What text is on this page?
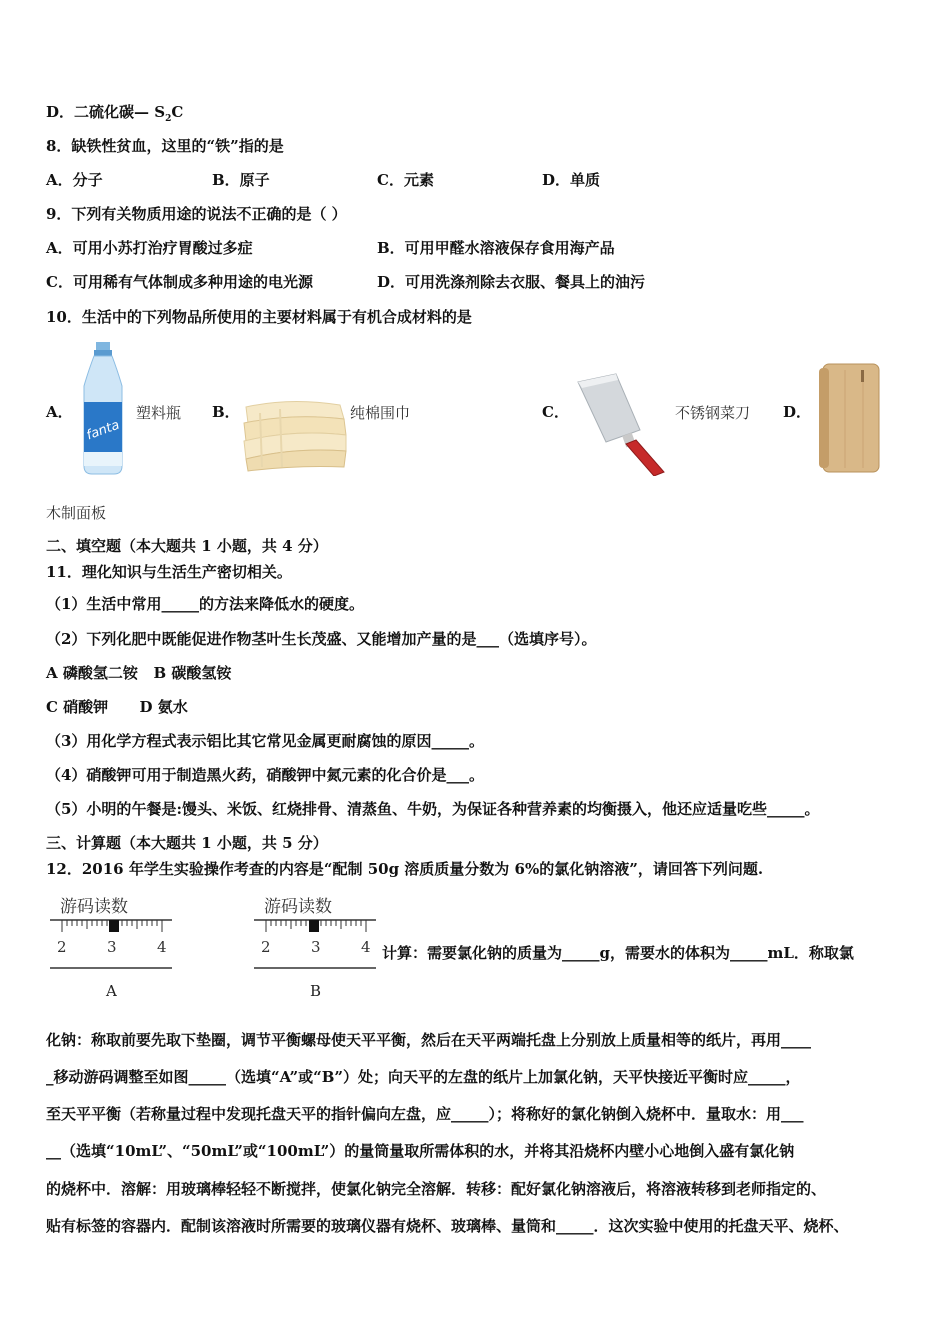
D．二硫化碳— $S_2C$
8．缺铁性贫血，这里的“铁”指的是
A．分子	B．原子	C．元素	D．单质
9．下列有关物质用途的说法不正确的是（ ）
A．可用小苏打治疗胃酸过多症	B．可用甲醛水溶液保存食用海产品
C．可用稀有气体制成多种用途的电光源	D．可用洗涤剂除去衣服、餐具上的油污
10．生活中的下列物品所使用的主要材料属于有机合成材料的是
A．
fanta
塑料瓶 B．	纯棉围巾	C．	不锈钢菜刀 D．
木制面板
二、填空题（本大题共 1 小题，共 4 分）
11．理化知识与生活生产密切相关。
（1）生活中常用_____的方法来降低水的硬度。
（2）下列化肥中既能促进作物茎叶生长茂盛、又能增加产量的是___（选填序号）。
A 磷酸氢二铵   B 碳酸氢铵
C 硝酸钾      D 氨水
（3）用化学方程式表示铝比其它常见金属更耐腐蚀的原因_____。
（4）硝酸钾可用于制造黑火药，硝酸钾中氮元素的化合价是___。
（5）小明的午餐是:馒头、米饭、红烧排骨、清蒸鱼、牛奶，为保证各种营养素的均衡摄入，他还应适量吃些_____。
三、计算题（本大题共 1 小题，共 5 分）
12．2016 年学生实验操作考查的内容是“配制 50g 溶质质量分数为 6%的氯化钠溶液”，请回答下列问题.
游码读数
2	3	4
A
游码读数
2	3	4
B
计算：需要氯化钠的质量为_____g，需要水的体积为_____mL．称取氯
化钠：称取前要先取下垫圈，调节平衡螺母使天平平衡，然后在天平两端托盘上分别放上质量相等的纸片，再用____
_移动游码调整至如图_____（选填“A”或“B”）处；向天平的左盘的纸片上加氯化钠，天平快接近平衡时应_____，
至天平平衡（若称量过程中发现托盘天平的指针偏向左盘，应_____）；将称好的氯化钠倒入烧杯中．量取水：用___
__（选填“10mL”、“50mL”或“100mL”）的量筒量取所需体积的水，并将其沿烧杯内壁小心地倒入盛有氯化钠
的烧杯中．溶解：用玻璃棒轻轻不断搅拌，使氯化钠完全溶解．转移：配好氯化钠溶液后，将溶液转移到老师指定的、
贴有标签的容器内．配制该溶液时所需要的玻璃仪器有烧杯、玻璃棒、量筒和_____．这次实验中使用的托盘天平、烧杯、
